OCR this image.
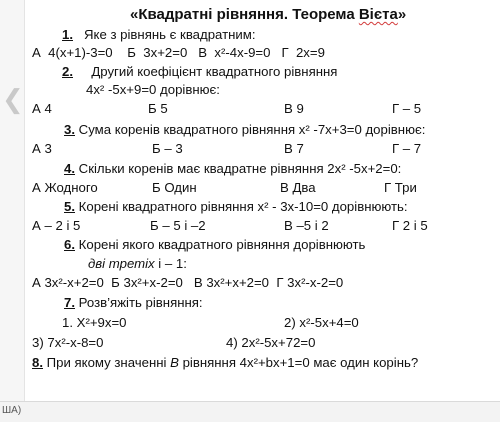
❮
«Квадратні рівняння. Теорема Вієта»
1. Яке з рівнянь є квадратним:
А 4(х+1)-3=0 Б 3х+2=0 В х²-4х-9=0 Г 2х=9
2. Другий коефіцієнт квадратного рівняння
4х² -5х+9=0 дорівнює:
А 4	Б 5	В 9	Г – 5
3. Сума коренів квадратного рівняння х² -7х+3=0 дорівнює:
А 3	Б – 3	В 7	Г – 7
4. Скільки коренів має квадратне рівняння 2х² -5х+2=0:
А Жодного	Б Один	В Два	Г Три
5. Корені квадратного рівняння х² - 3х-10=0 дорівнюють:
А – 2 і 5	Б – 5 і –2	В –5 і 2	Г 2 і 5
6. Корені якого квадратного рівняння дорівнюють
дві третіх і – 1:
А 3х²-х+2=0 Б 3х²+х-2=0 В 3х²+х+2=0 Г 3х²-х-2=0
7. Розв’яжіть рівняння:
1. Х²+9х=0	2) х²-5х+4=0
3) 7х²-х-8=0	4) 2х²-5х+72=0
8. При якому значенні B рівняння 4х²+bх+1=0 має один корінь?
ША)
